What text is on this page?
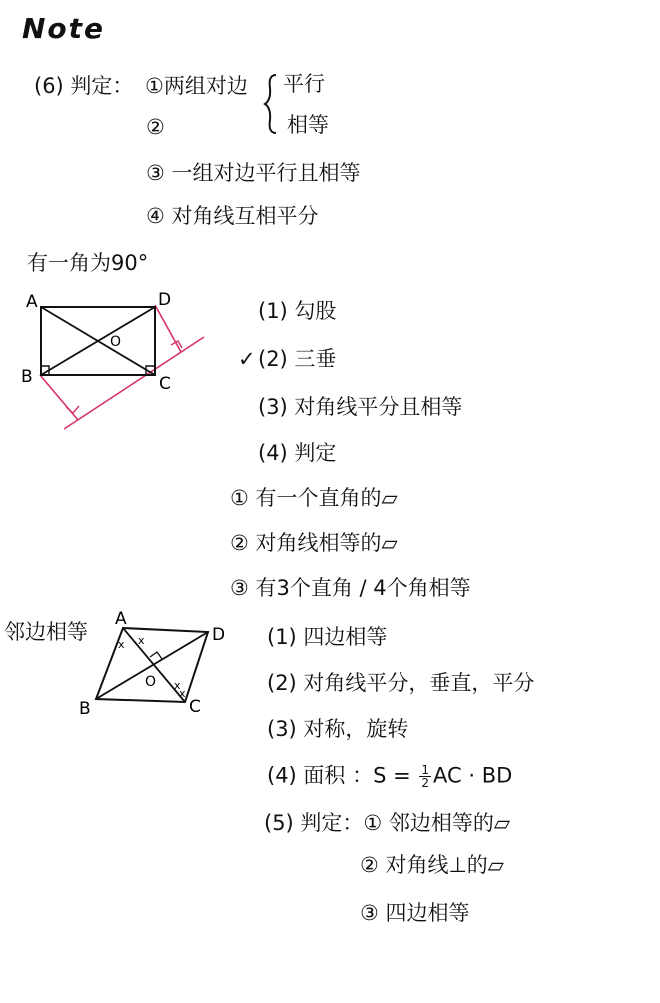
Note
(6) 判定： ①两组对边 平行
②	相等
③ 一组对边平行且相等
④ 对角线互相平分
有一角为90°
A	D
B	C
O
(1) 勾股
✓ (2) 三垂
(3) 对角线平分且相等
(4) 判定
① 有一个直角的▱
② 对角线相等的▱
③ 有3个直角 / 4个角相等
邻边相等
x x
x
x
A
D
B	C
O
(1) 四边相等
(2) 对角线平分，垂直，平分
(3) 对称，旋转
(4) 面积 ：$S = \frac{1}{2}$ AC · BD
(5) 判定：① 邻边相等的▱
② 对角线⊥的▱
③ 四边相等
